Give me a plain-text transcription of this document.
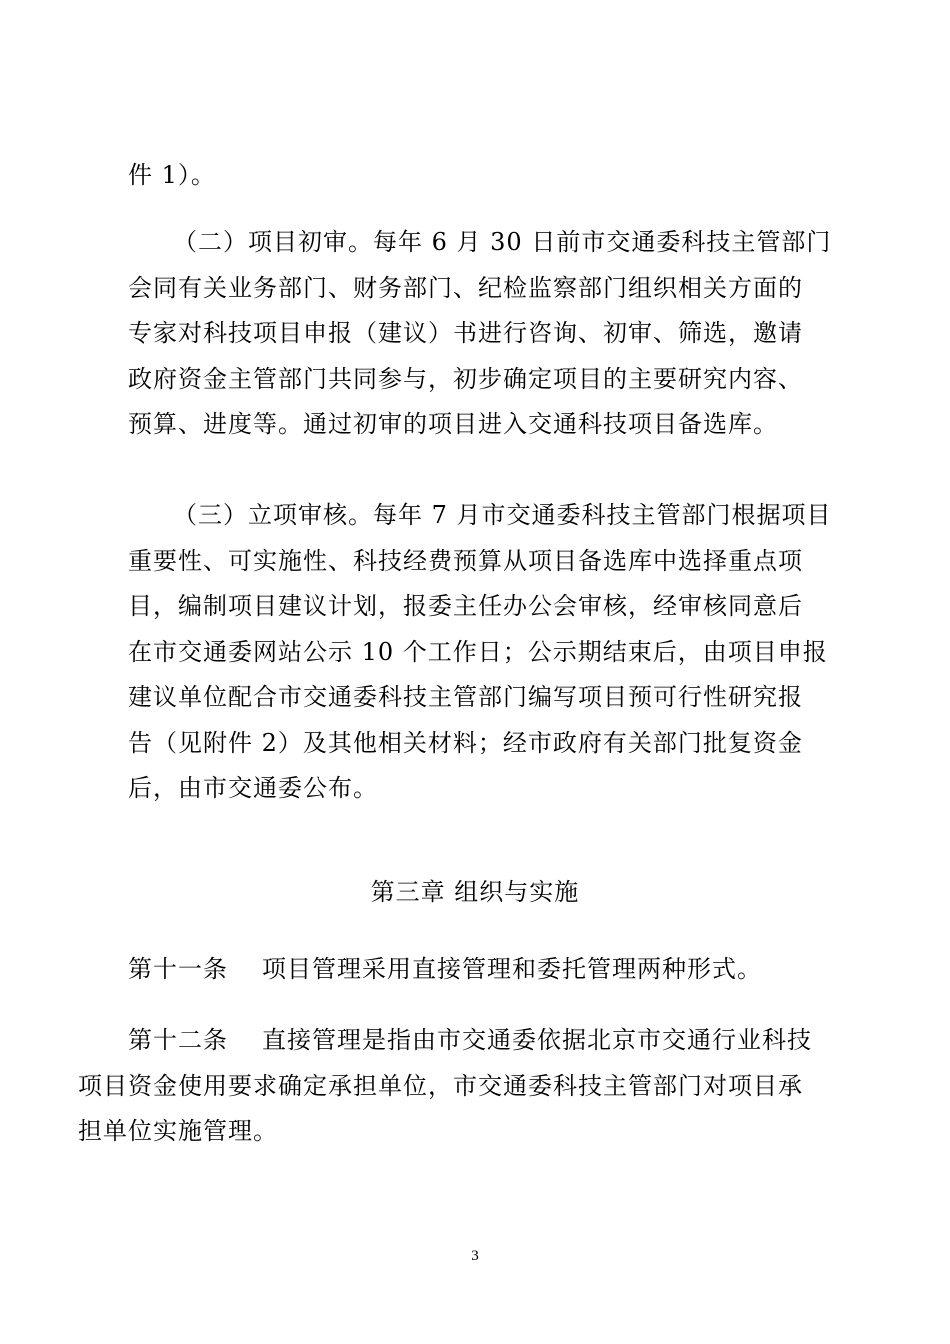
件 1）。

（二）项目初审。每年 6 月 30 日前市交通委科技主管部门
会同有关业务部门、财务部门、纪检监察部门组织相关方面的
专家对科技项目申报（建议）书进行咨询、初审、筛选，邀请
政府资金主管部门共同参与，初步确定项目的主要研究内容、
预算、进度等。通过初审的项目进入交通科技项目备选库。
（三）立项审核。每年 7 月市交通委科技主管部门根据项目
重要性、可实施性、科技经费预算从项目备选库中选择重点项
目，编制项目建议计划，报委主任办公会审核，经审核同意后
在市交通委网站公示 10 个工作日；公示期结束后，由项目申报
建议单位配合市交通委科技主管部门编写项目预可行性研究报
告（见附件 2）及其他相关材料；经市政府有关部门批复资金
后，由市交通委公布。
第三章 组织与实施
第十一条 项目管理采用直接管理和委托管理两种形式。
第十二条 直接管理是指由市交通委依据北京市交通行业科技
项目资金使用要求确定承担单位，市交通委科技主管部门对项目承
担单位实施管理。
3
